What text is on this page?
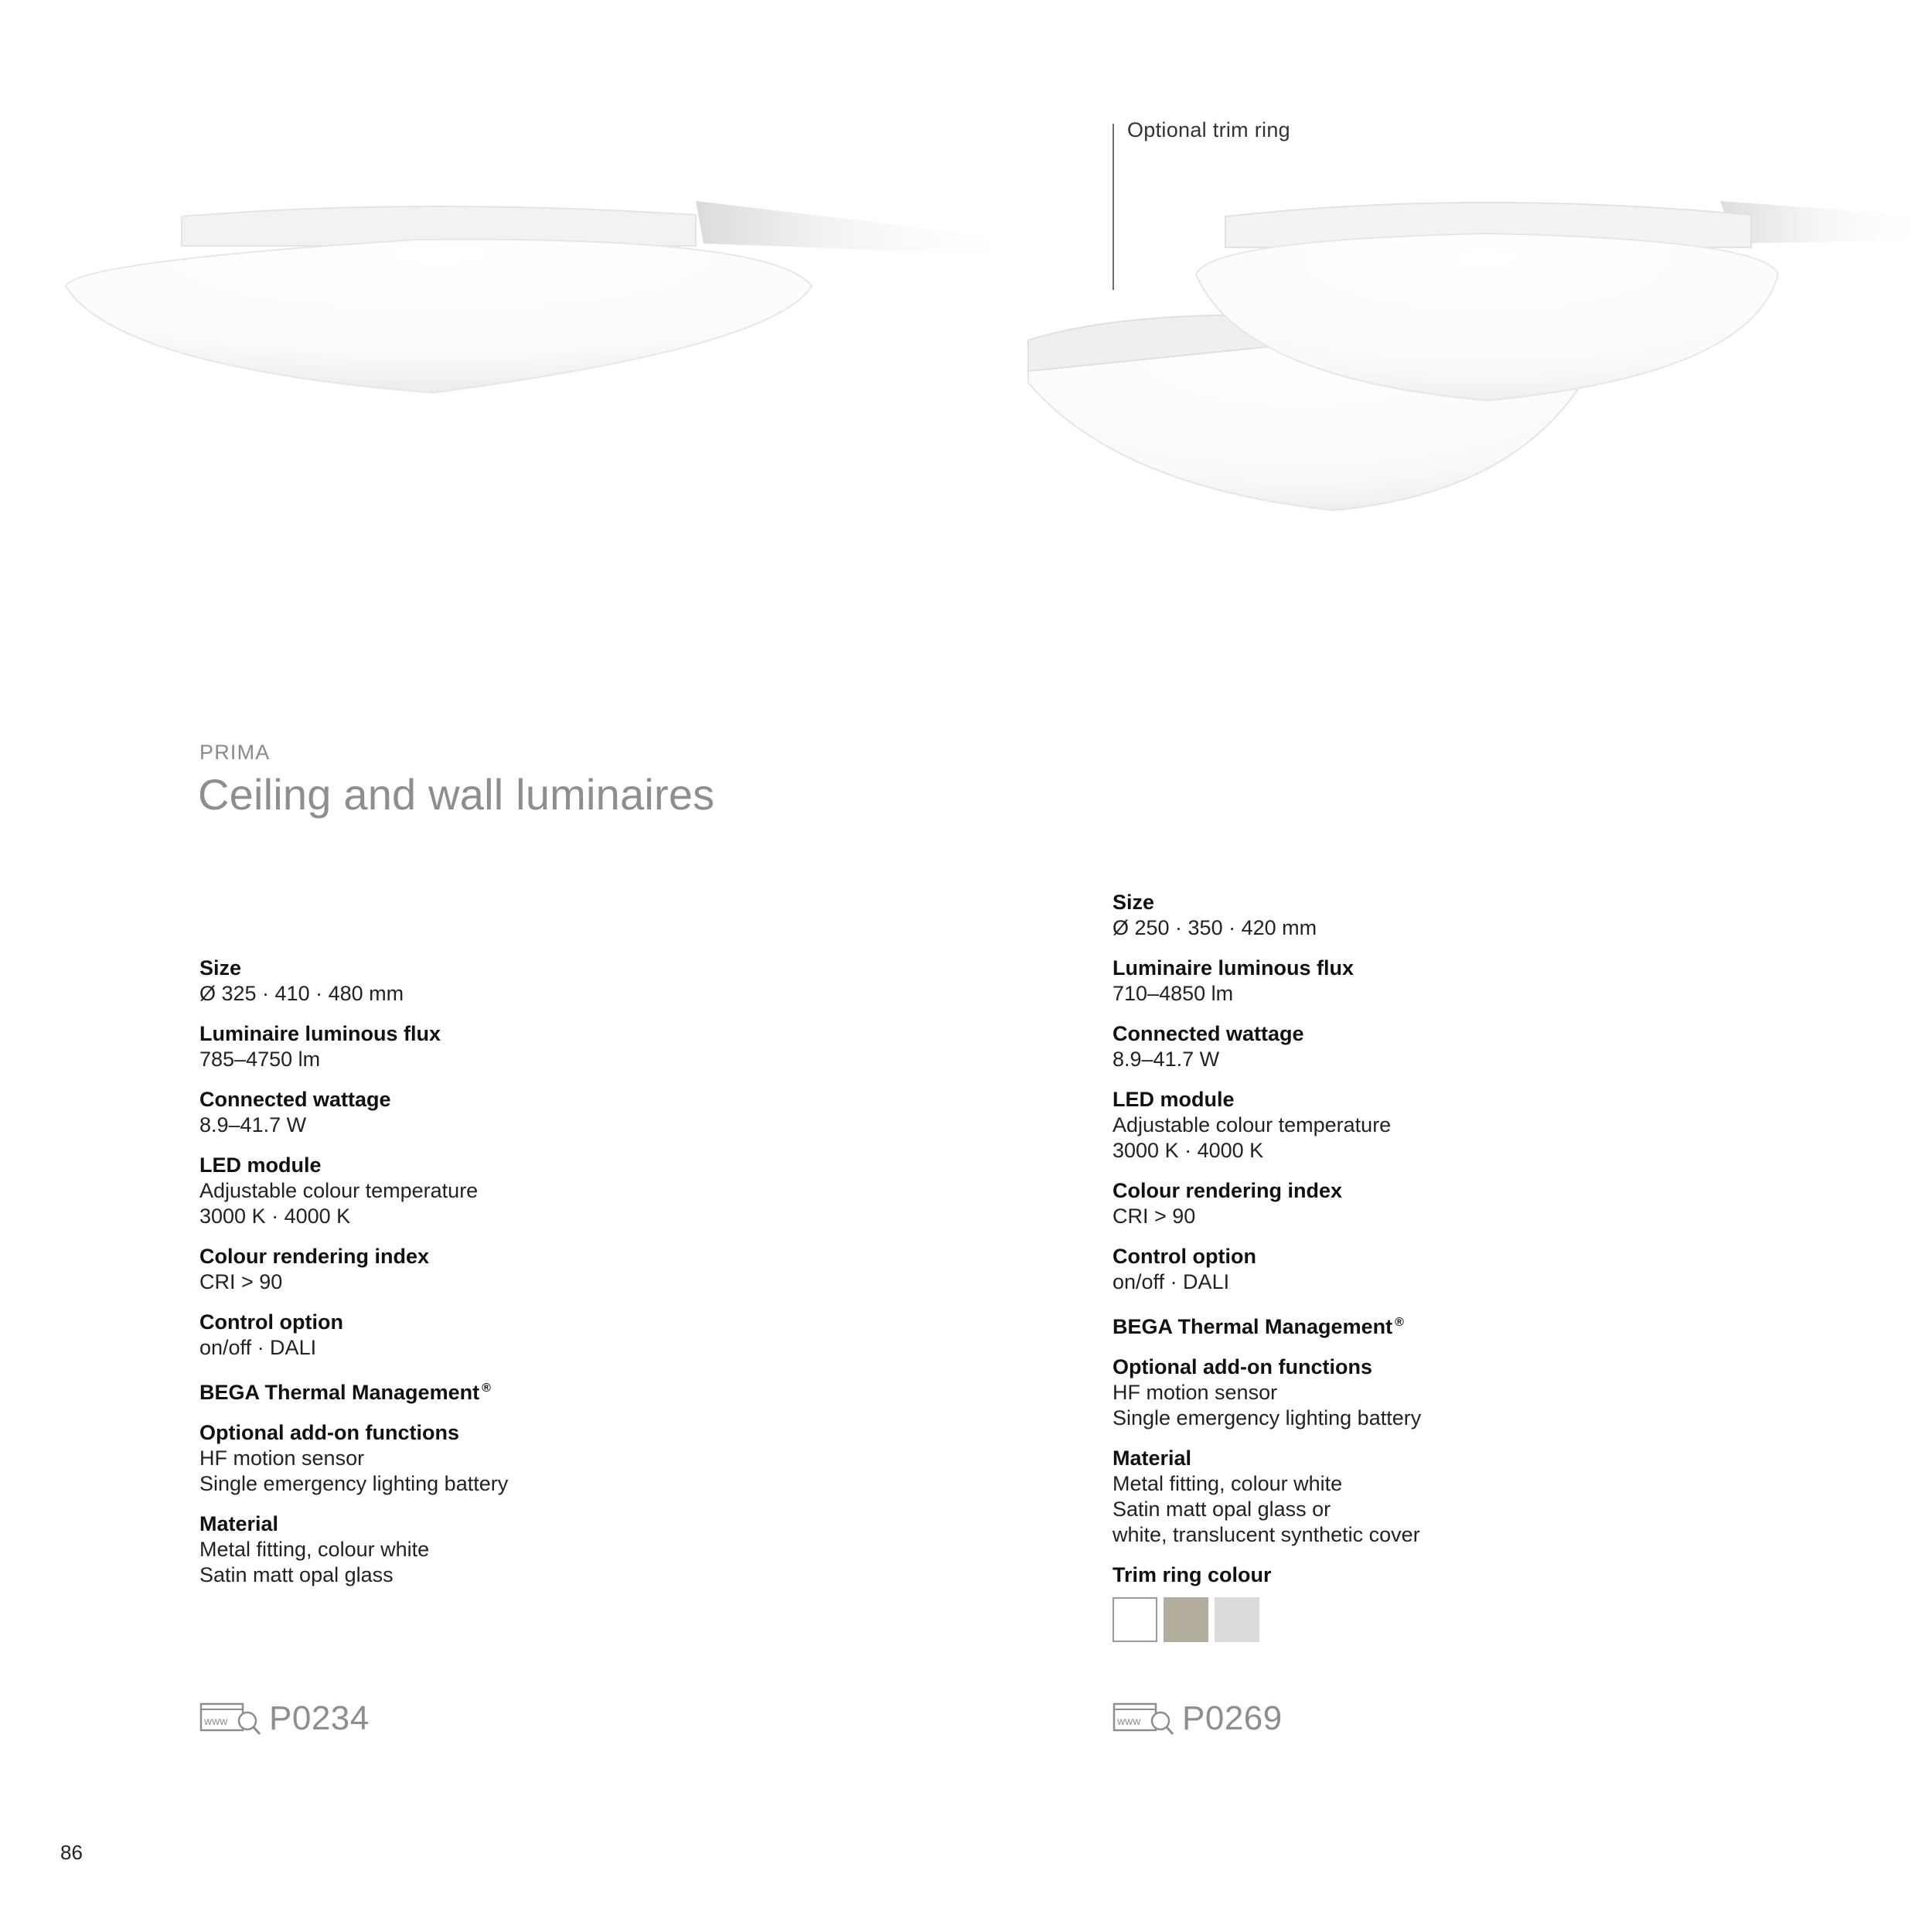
Optional trim ring
PRIMA
Ceiling and wall luminaires
Size
Ø 325 · 410 · 480 mm
Luminaire luminous flux
785–4750 lm
Connected wattage
8.9–41.7 W
LED module
Adjustable colour temperature
3000 K · 4000 K
Colour rendering index
CRI > 90
Control option
on/off · DALI
BEGA Thermal Management ®
Optional add-on functions
HF motion sensor
Single emergency lighting battery
Material
Metal fitting, colour white
Satin matt opal glass
Size
Ø 250 · 350 · 420 mm
Luminaire luminous flux
710–4850 lm
Connected wattage
8.9–41.7 W
LED module
Adjustable colour temperature
3000 K · 4000 K
Colour rendering index
CRI > 90
Control option
on/off · DALI
BEGA Thermal Management ®
Optional add-on functions
HF motion sensor
Single emergency lighting battery
Material
Metal fitting, colour white
Satin matt opal glass or
white, translucent synthetic cover
Trim ring colour
www P0234	www P0269
86
